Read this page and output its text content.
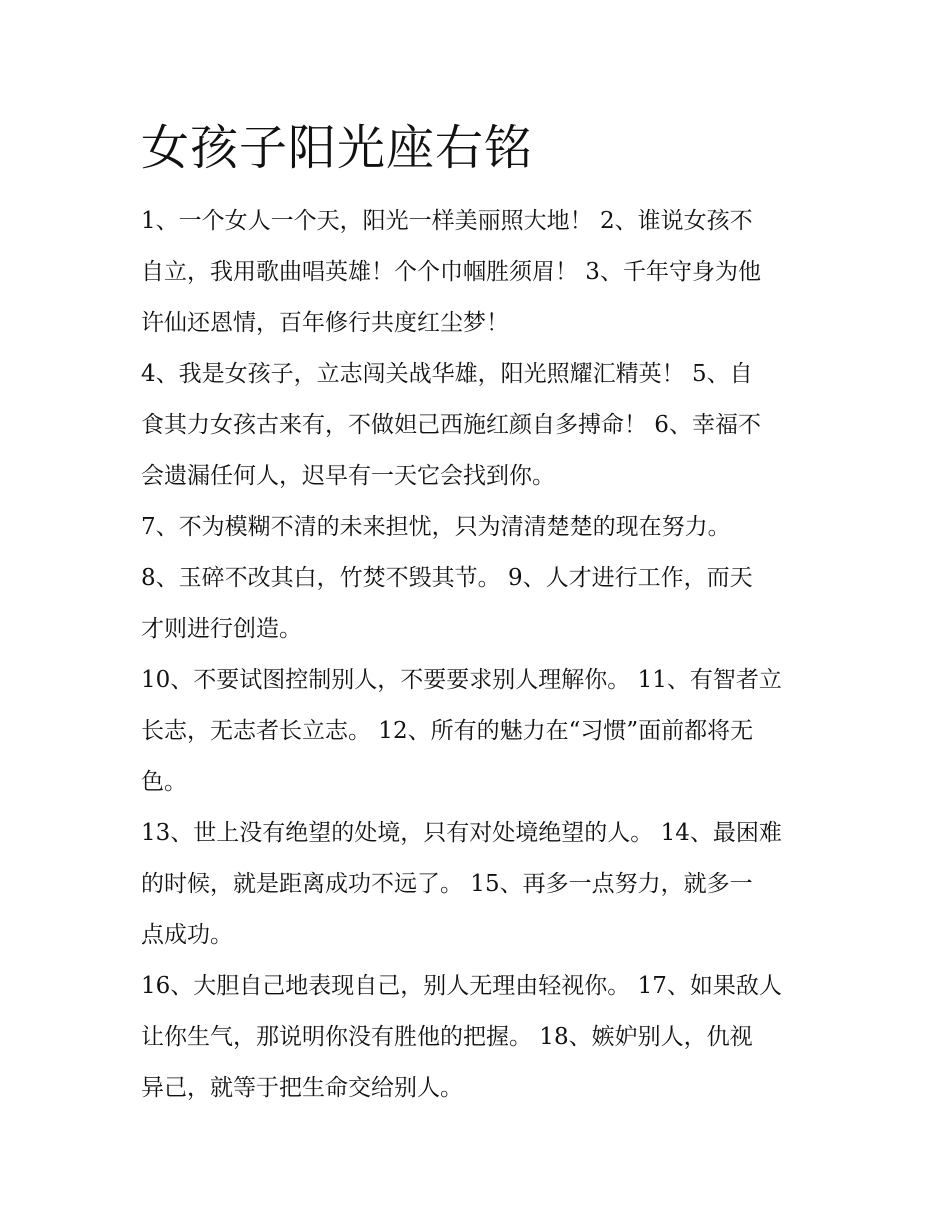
女孩子阳光座右铭

1、一个女人一个天，阳光一样美丽照大地！ 2、谁说女孩不
自立，我用歌曲唱英雄！个个巾帼胜须眉！ 3、千年守身为他
许仙还恩情，百年修行共度红尘梦！

4、我是女孩子，立志闯关战华雄，阳光照耀汇精英！ 5、自
食其力女孩古来有，不做妲己西施红颜自多搏命！ 6、幸福不
会遗漏任何人，迟早有一天它会找到你。

7、不为模糊不清的未来担忧，只为清清楚楚的现在努力。

8、玉碎不改其白，竹焚不毁其节。 9、人才进行工作，而天
才则进行创造。

10、不要试图控制别人，不要要求别人理解你。 11、有智者立
长志，无志者长立志。 12、所有的魅力在“习惯”面前都将无
色。

13、世上没有绝望的处境，只有对处境绝望的人。 14、最困难
的时候，就是距离成功不远了。 15、再多一点努力，就多一
点成功。

16、大胆自己地表现自己，别人无理由轻视你。 17、如果敌人
让你生气，那说明你没有胜他的把握。 18、嫉妒别人，仇视
异己，就等于把生命交给别人。
